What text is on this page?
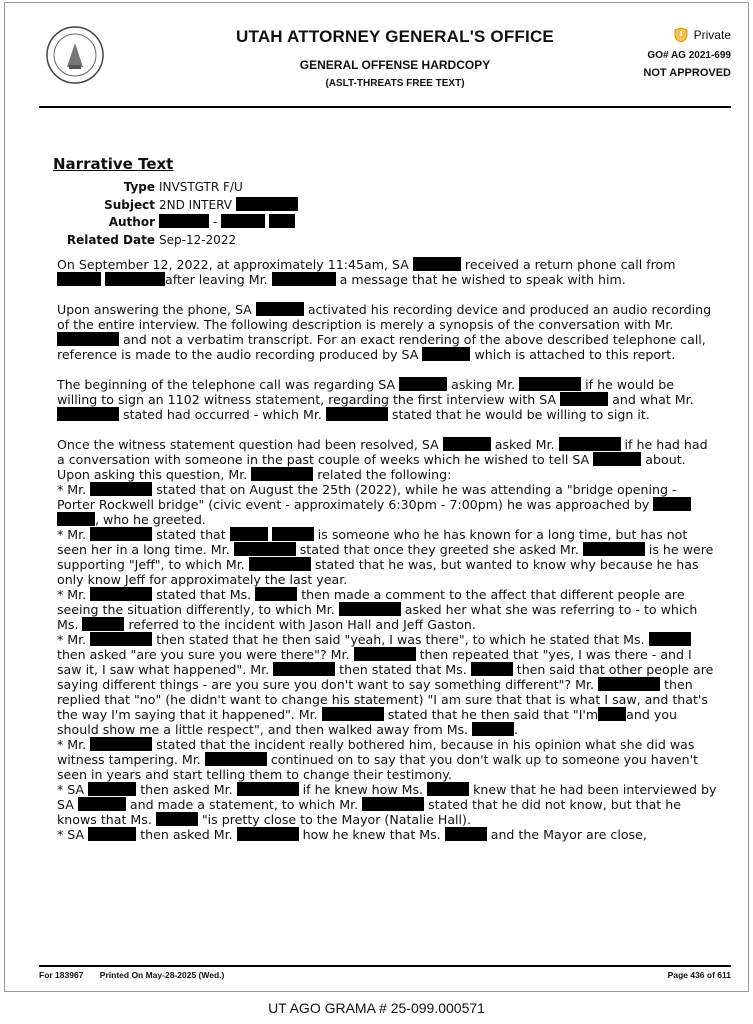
UTAH ATTORNEY GENERAL'S OFFICE
GENERAL OFFENSE HARDCOPY
(ASLT-THREATS FREE TEXT)
Private
GO# AG 2021-699
NOT APPROVED
Narrative Text
Type INVSTGTR F/U
Subject 2ND INTERV

Author	-

Related Date Sep-12-2022

On September 12, 2022, at approximately 11:45am, SA	received a return phone call from  after leaving Mr.	a message that he wished to speak with him.

Upon answering the phone, SA	activated his recording device and produced an audio recording of the entire interview. The following description is merely a synopsis of the conversation with Mr.  and not a verbatim transcript. For an exact rendering of the above described telephone call, reference is made to the audio recording produced by SA	which is attached to this report.

The beginning of the telephone call was regarding SA	asking Mr.	if he would be willing to sign an 1102 witness statement, regarding the first interview with SA	and what Mr.  stated had occurred - which Mr.	stated that he would be willing to sign it.

Once the witness statement question had been resolved, SA	asked Mr.	if he had had a conversation with someone in the past couple of weeks which he wished to tell SA	about. Upon asking this question, Mr.	related the following:

* Mr.	stated that on August the 25th (2022), while he was attending a "bridge opening - Porter Rockwell bridge" (civic event - approximately 6:30pm - 7:00pm) he was approached by  , who he greeted.

* Mr.	stated that	is someone who he has known for a long time, but has not seen her in a long time. Mr.	stated that once they greeted she asked Mr.	is he were supporting "Jeff", to which Mr.	stated that he was, but wanted to know why because he has only know Jeff for approximately the last year.

* Mr.	stated that Ms.	then made a comment to the affect that different people are seeing the situation differently, to which Mr.	asked her what she was referring to - to which Ms.	referred to the incident with Jason Hall and Jeff Gaston.

* Mr.	then stated that he then said "yeah, I was there", to which he stated that Ms.  then asked "are you sure you were there"? Mr.	then repeated that "yes, I was there - and I saw it, I saw what happened". Mr.	then stated that Ms.	then said that other people are saying different things - are you sure you don't want to say something different"? Mr.	then replied that "no" (he didn't want to change his statement) "I am sure that that is what I saw, and that's the way I'm saying that it happened". Mr.	stated that he then said that "I'm and you should show me a little respect", and then walked away from Ms.	.

* Mr.	stated that the incident really bothered him, because in his opinion what she did was witness tampering. Mr.	continued on to say that you don't walk up to someone you haven't seen in years and start telling them to change their testimony.

* SA	then asked Mr.	if he knew how Ms.	knew that he had been interviewed by SA	and made a statement, to which Mr.	stated that he did not know, but that he knows that Ms.	"is pretty close to the Mayor (Natalie Hall).

* SA	then asked Mr.	how he knew that Ms.	and the Mayor are close,

For 183967 Printed On May-28-2025 (Wed.)	Page 436 of 611
UT AGO GRAMA # 25-099.000571
